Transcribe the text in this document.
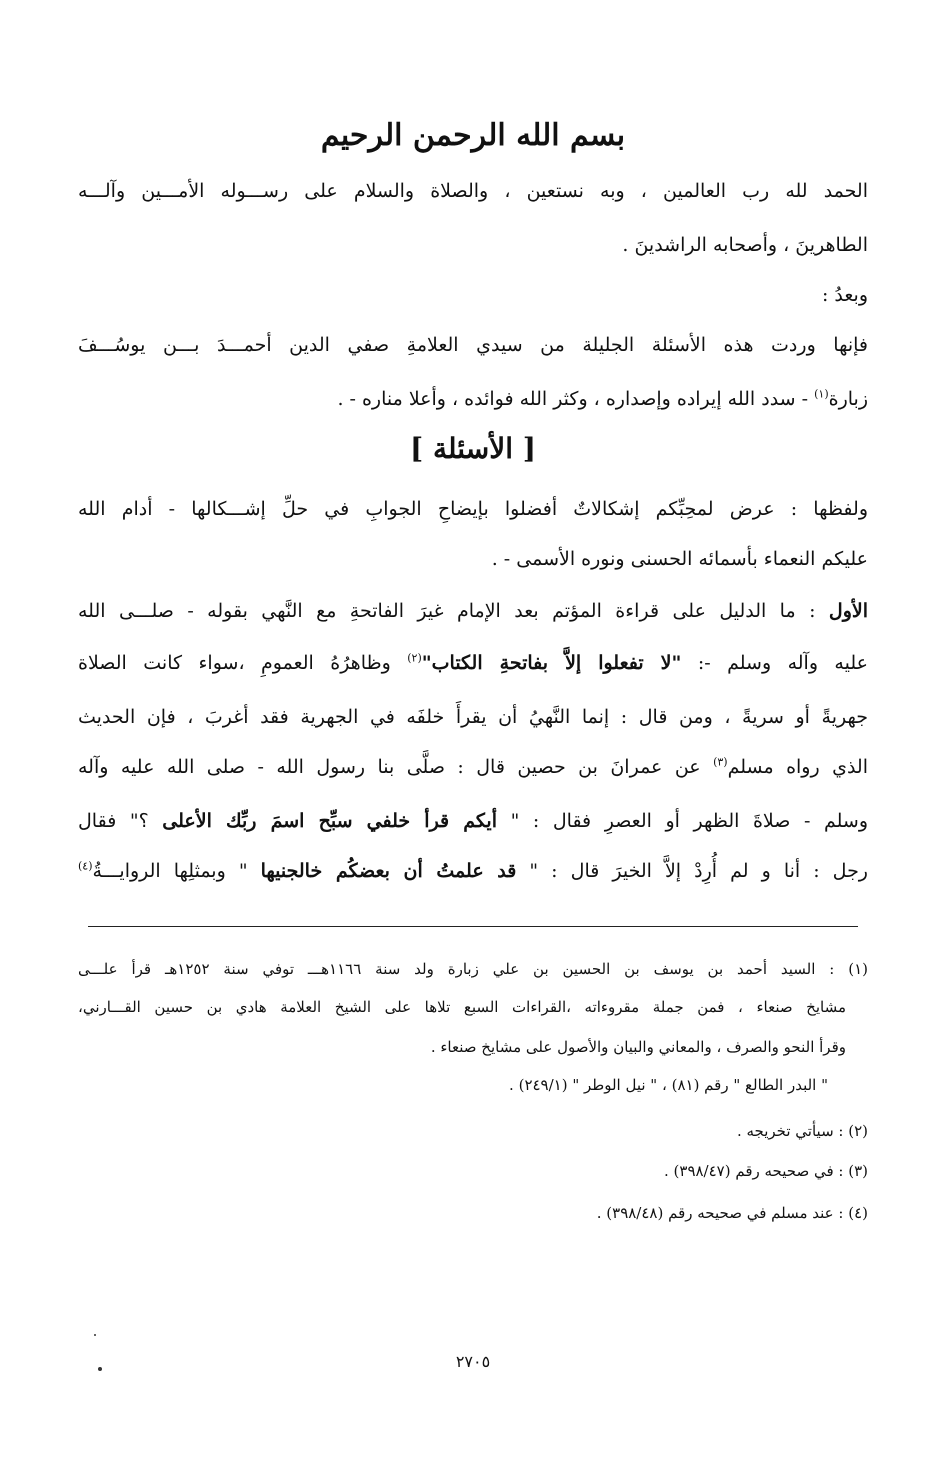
بسم الله الرحمن الرحيم
الحمد لله رب العالمين ، وبه نستعين ، والصلاة والسلام على رســـوله الأمـــين وآلـــه
الطاهرينَ ، وأصحابه الراشدينَ .
وبعدُ :
فإنها وردت هذه الأسئلة الجليلة من سيدي العلامةِ صفي الدين أحمـــدَ بـــن يوسُـــفَ
زبارة$^{(١)}$ - سدد الله إيراده وإصداره ، وكثر الله فوائده ، وأعلا مناره - .
[ الأسئلة ]
ولفظها : عرض لمحِبِّكم إشكالاتٌ أفضلوا بإيضاحِ الجوابِ في حلِّ إشـــكالها - أدام الله
عليكم النعماء بأسمائه الحسنى ونوره الأسمى - .
الأول : ما الدليل على قراءة المؤتم بعد الإمام غيرَ الفاتحةِ مع النَّهي بقوله - صلـــى الله
عليه وآله وسلم -: "لا تفعلوا إلاَّ بفاتحةِ الكتاب"$^{(٢)}$ وظاهرُهُ العمومِ ،سواء كانت الصلاة
جهريةً أو سريةً ، ومن قال : إنما النَّهيُ أن يقرأَ خلفَه في الجهرية فقد أغربَ ، فإن الحديث
الذي رواه مسلم$^{(٣)}$ عن عمرانَ بن حصين قال : صلَّى بنا رسول الله - صلى الله عليه وآله
وسلم - صلاةَ الظهر أو العصرِ فقال : " أيكم قرأ خلفي سبِّح اسمَ ربِّك الأعلى ؟" فقال
رجل : أنا و لم أُرِدْ إلاَّ الخيرَ قال : " قد علمتُ أن بعضكُم خالجنيها " وبمثلِها الروايـــةُ$^{(٤)}$
(١) : السيد أحمد بن يوسف بن الحسين بن علي زبارة ولد سنة ١١٦٦هـــ توفي سنة ١٢٥٢هـ قرأ علـــى
مشايخ صنعاء ، فمن جملة مقروءاته ،القراءات السبع تلاها على الشيخ العلامة هادي بن حسين القـــارني،
وقرأ النحو والصرف ، والمعاني والبيان والأصول على مشايخ صنعاء .
" البدر الطالع " رقم (٨١) ، " نيل الوطر " (٢٤٩/١) .
(٢) : سيأتي تخريجه .
(٣) : في صحيحه رقم (٣٩٨/٤٧) .
(٤) : عند مسلم في صحيحه رقم (٣٩٨/٤٨) .
٢٧٠٥
